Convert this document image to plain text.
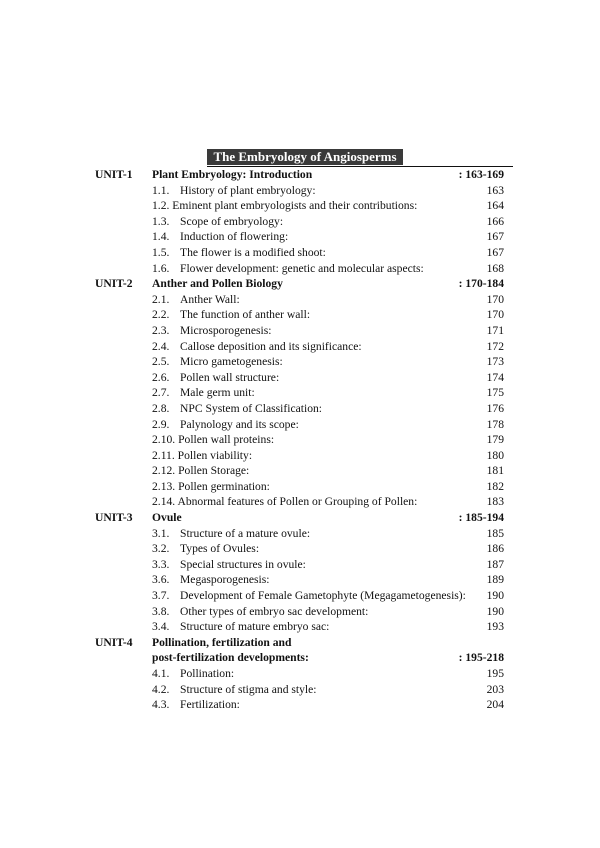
The Embryology of Angiosperms
UNIT-1 Plant Embryology: Introduction	: 163-169
1.1. History of plant embryology:	163
1.2. Eminent plant embryologists and their contributions:	164
1.3. Scope of embryology:	166
1.4. Induction of flowering:	167
1.5. The flower is a modified shoot:	167
1.6. Flower development: genetic and molecular aspects:	168
UNIT-2 Anther and Pollen Biology	: 170-184
2.1. Anther Wall:	170
2.2. The function of anther wall:	170
2.3. Microsporogenesis:	171
2.4. Callose deposition and its significance:	172
2.5. Micro gametogenesis:	173
2.6. Pollen wall structure:	174
2.7. Male germ unit:	175
2.8. NPC System of Classification:	176
2.9. Palynology and its scope:	178
2.10. Pollen wall proteins:	179
2.11. Pollen viability:	180
2.12. Pollen Storage:	181
2.13. Pollen germination:	182
2.14. Abnormal features of Pollen or Grouping of Pollen:	183
UNIT-3 Ovule	: 185-194
3.1. Structure of a mature ovule:	185
3.2. Types of Ovules:	186
3.3. Special structures in ovule:	187
3.6. Megasporogenesis:	189
3.7. Development of Female Gametophyte (Megagametogenesis): 190
3.8. Other types of embryo sac development:	190
3.4. Structure of mature embryo sac:	193
UNIT-4 Pollination, fertilization and
post-fertilization developments:	: 195-218
4.1. Pollination:	195
4.2. Structure of stigma and style:	203
4.3. Fertilization:	204
